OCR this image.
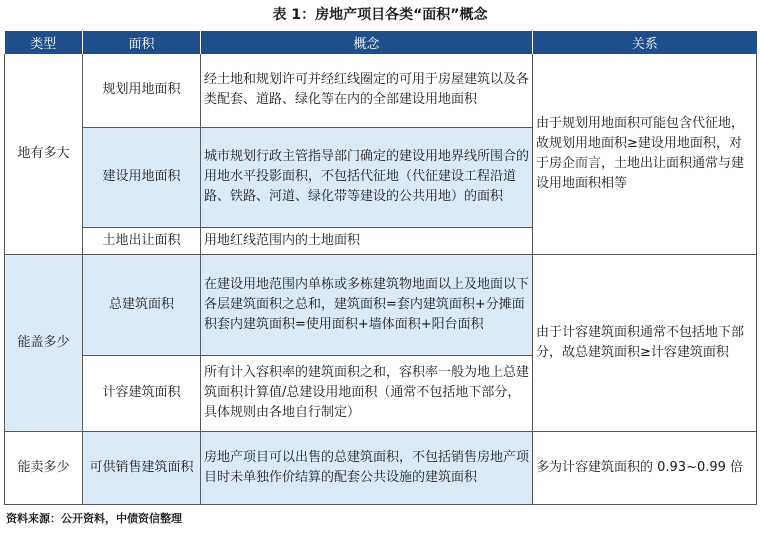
表 1：房地产项目各类“面积”概念
类型	面积	概念	关系
地有多大	规划用地面积	经土地和规划许可并经红线圈定的可用于房屋建筑以及各类配套、道路、绿化等在内的全部建设用地面积	由于规划用地面积可能包含代征地，故规划用地面积≥建设用地面积，对于房企而言，土地出让面积通常与建设用地面积相等
	建设用地面积	城市规划行政主管指导部门确定的建设用地界线所围合的用地水平投影面积，不包括代征地（代征建设工程沿道路、铁路、河道、绿化带等建设的公共用地）的面积	
	土地出让面积	用地红线范围内的土地面积	
能盖多少	总建筑面积	在建设用地范围内单栋或多栋建筑物地面以上及地面以下各层建筑面积之总和，建筑面积=套内建筑面积+分摊面积套内建筑面积=使用面积+墙体面积+阳台面积	由于计容建筑面积通常不包括地下部分，故总建筑面积≥计容建筑面积
	计容建筑面积	所有计入容积率的建筑面积之和，容积率一般为地上总建筑面积计算值/总建设用地面积（通常不包括地下部分，具体规则由各地自行制定）	
能卖多少	可供销售建筑面积	房地产项目可以出售的总建筑面积，不包括销售房地产项目时未单独作价结算的配套公共设施的建筑面积	多为计容建筑面积的 0.93~0.99 倍
资料来源：公开资料，中债资信整理
